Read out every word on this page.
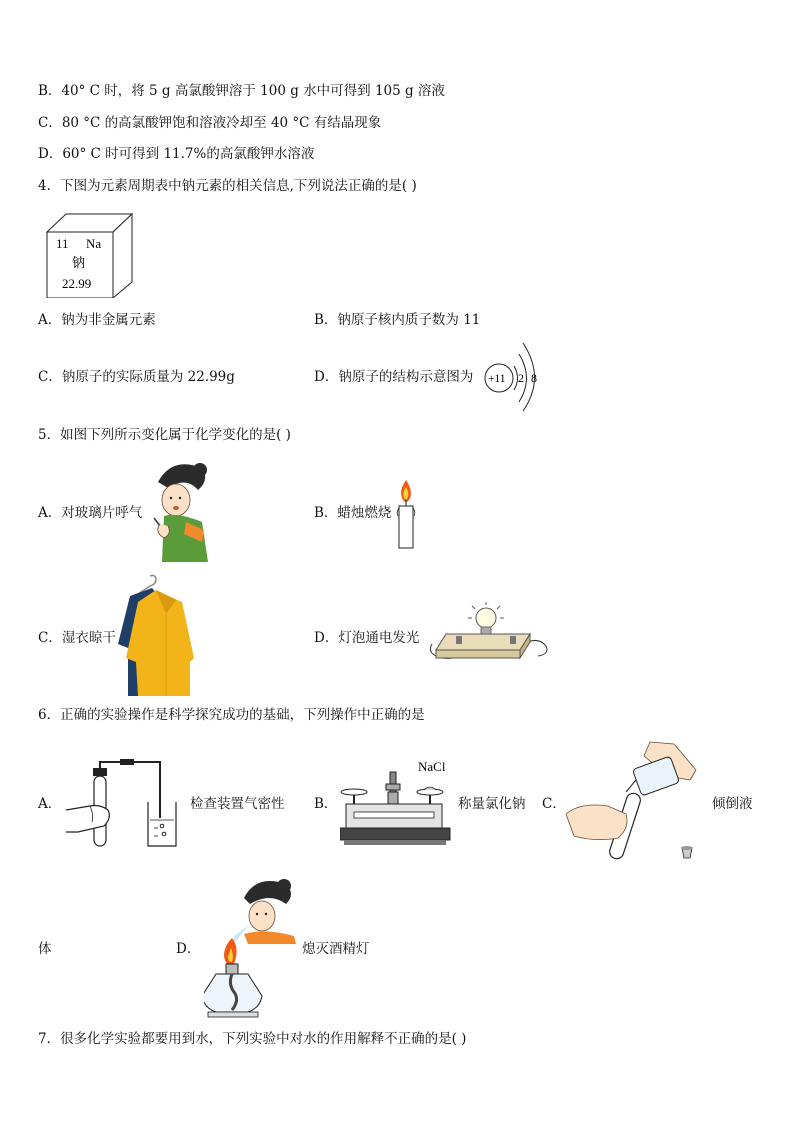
B．40° C 时，将 5 g 高氯酸钾溶于 100 g 水中可得到 105 g 溶液
C．80 °C 的高氯酸钾饱和溶液冷却至 40 °C 有结晶现象
D．60° C 时可得到 11.7%的高氯酸钾水溶液
4．下图为元素周期表中钠元素的相关信息,下列说法正确的是( )
11 Na
钠
22.99
A．钠为非金属元素	B．钠原子核内质子数为 11
C．钠原子的实际质量为 22.99g	D．钠原子的结构示意图为 +11 2 8
5．如图下列所示变化属于化学变化的是( )
A．对玻璃片呼气	B．蜡烛燃烧
C．湿衣晾干	D．灯泡通电发光
6．正确的实验操作是科学探究成功的基础，下列操作中正确的是
A．	检查装置气密性 B．
NaCl
称量氯化钠 C．	倾倒液
体	D．	熄灭酒精灯
7．很多化学实验都要用到水，下列实验中对水的作用解释不正确的是( )
